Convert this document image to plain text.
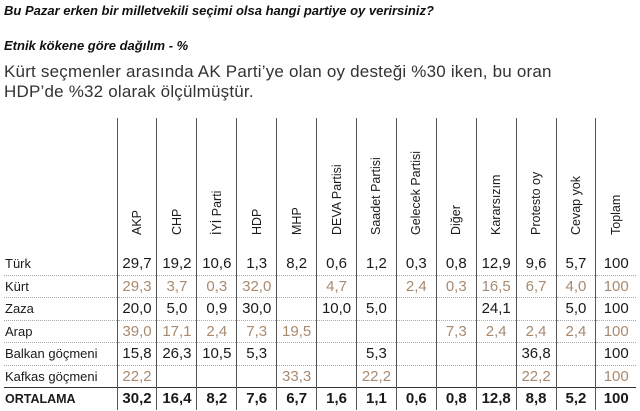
Bu Pazar erken bir milletvekili seçimi olsa hangi partiye oy verirsiniz?
Etnik kökene göre dağılım - %
Kürt seçmenler arasında AK Parti’ye olan oy desteği %30 iken, bu oran HDP’de %32 olarak ölçülmüştür.

	AKP	CHP	İYİ Parti	HDP	MHP	DEVA Partisi	Saadet Partisi	Gelecek Partisi	Diğer	Kararsızım	Protesto oy	Cevap yok	Toplam

Türk	29,7	19,2	10,6	1,3	8,2	0,6	1,2	0,3	0,8	12,9	9,6	5,7	100
Kürt	29,3	3,7	0,3	32,0		4,7		2,4	0,3	16,5	6,7	4,0	100
Zaza	20,0	5,0	0,9	30,0		10,0	5,0			24,1		5,0	100
Arap	39,0	17,1	2,4	7,3	19,5				7,3	2,4	2,4	2,4	100
Balkan göçmeni	15,8	26,3	10,5	5,3			5,3				36,8		100
Kafkas göçmeni	22,2				33,3		22,2				22,2		100
ORTALAMA	30,2	16,4	8,2	7,6	6,7	1,6	1,1	0,6	0,8	12,8	8,8	5,2	100
